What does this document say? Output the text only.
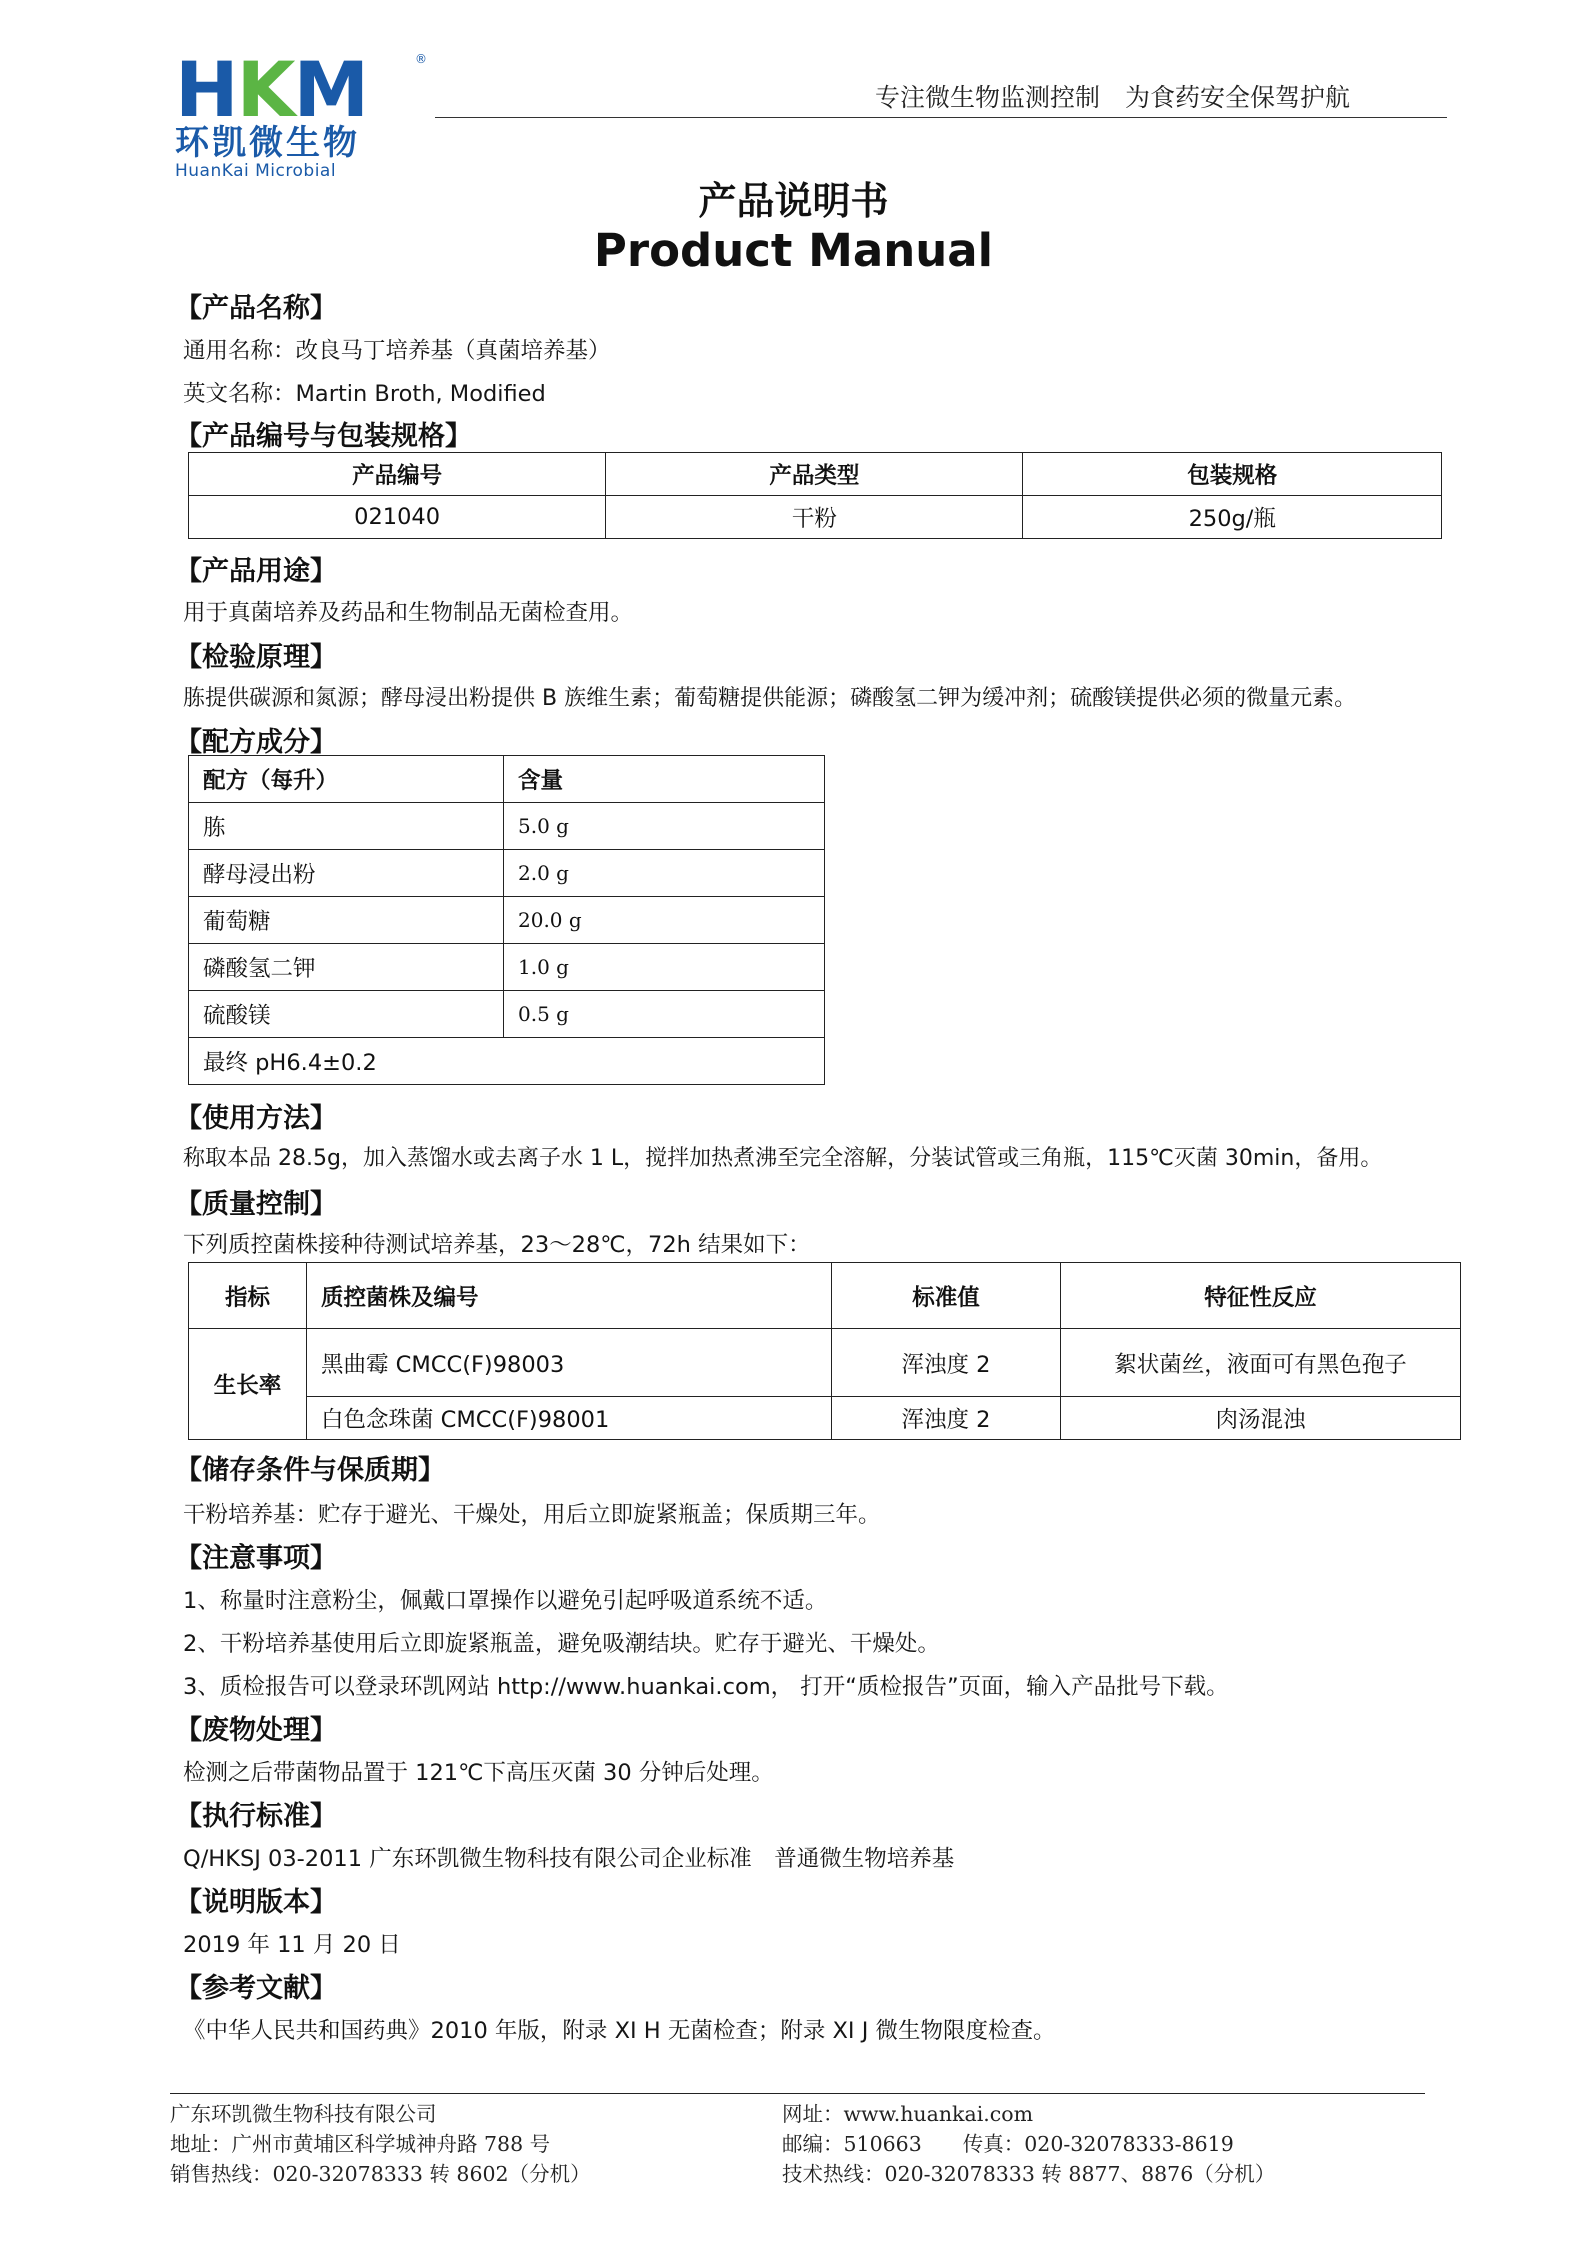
HKM	®
环凯微生物
HuanKai Microbial
专注微生物监测控制　为食药安全保驾护航
产品说明书
Product Manual
【产品名称】
通用名称：改良马丁培养基（真菌培养基）
英文名称：Martin Broth, Modified
【产品编号与包装规格】
产品编号	产品类型	包装规格
021040	干粉	250g/瓶
【产品用途】
用于真菌培养及药品和生物制品无菌检查用。
【检验原理】
胨提供碳源和氮源；酵母浸出粉提供 B 族维生素；葡萄糖提供能源；磷酸氢二钾为缓冲剂；硫酸镁提供必须的微量元素。
【配方成分】
配方（每升）	含量
胨	5.0 g
酵母浸出粉	2.0 g
葡萄糖	20.0 g
磷酸氢二钾	1.0 g
硫酸镁	0.5 g
最终 pH6.4±0.2	
【使用方法】
称取本品 28.5g，加入蒸馏水或去离子水 1 L，搅拌加热煮沸至完全溶解，分装试管或三角瓶，115℃灭菌 30min，备用。
【质量控制】
下列质控菌株接种待测试培养基，23～28℃，72h 结果如下：
指标	质控菌株及编号	标准值	特征性反应
生长率	黑曲霉 CMCC(F)98003	浑浊度 2	絮状菌丝，液面可有黑色孢子
	白色念珠菌 CMCC(F)98001	浑浊度 2	肉汤混浊
【储存条件与保质期】
干粉培养基：贮存于避光、干燥处，用后立即旋紧瓶盖；保质期三年。
【注意事项】
1、称量时注意粉尘，佩戴口罩操作以避免引起呼吸道系统不适。
2、干粉培养基使用后立即旋紧瓶盖，避免吸潮结块。贮存于避光、干燥处。
3、质检报告可以登录环凯网站 http://www.huankai.com， 打开“质检报告”页面，输入产品批号下载。
【废物处理】
检测之后带菌物品置于 121℃下高压灭菌 30 分钟后处理。
【执行标准】
Q/HKSJ 03-2011 广东环凯微生物科技有限公司企业标准　普通微生物培养基
【说明版本】
2019 年 11 月 20 日
【参考文献】
《中华人民共和国药典》2010 年版，附录 XI H 无菌检查；附录 XI J 微生物限度检查。
广东环凯微生物科技有限公司
地址：广州市黄埔区科学城神舟路 788 号
销售热线：020-32078333 转 8602（分机）
网址：www.huankai.com
邮编：510663　　传真：020-32078333-8619
技术热线：020-32078333 转 8877、8876（分机）
